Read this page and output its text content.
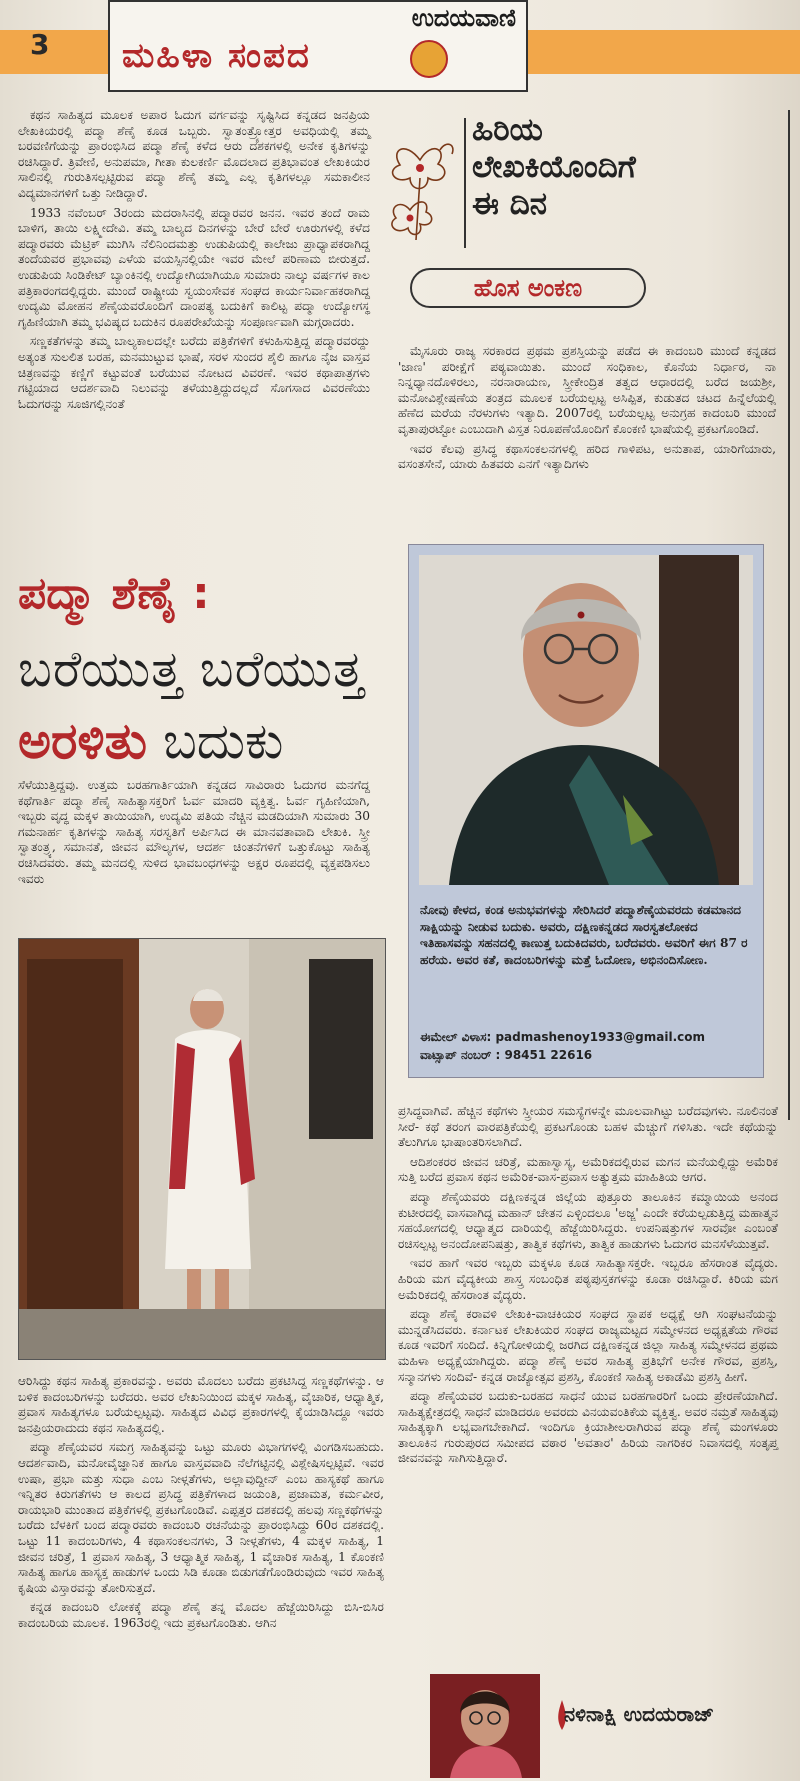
3
ಉದಯವಾಣಿ
ಮಹಿಳಾ ಸಂಪದ

ಕಥನ ಸಾಹಿತ್ಯದ ಮೂಲಕ ಅಪಾರ ಓದುಗ ವರ್ಗವನ್ನು ಸೃಷ್ಟಿಸಿದ ಕನ್ನಡದ ಜನಪ್ರಿಯ ಲೇಖಕಿಯರಲ್ಲಿ ಪದ್ಮಾ ಶೆಣೈ ಕೂಡ ಒಬ್ಬರು. ಸ್ವಾತಂತ್ರ್ಯೋತ್ತರ ಅವಧಿಯಲ್ಲಿ ತಮ್ಮ ಬರವಣಿಗೆಯನ್ನು ಪ್ರಾರಂಭಿಸಿದ ಪದ್ಮಾ ಶೆಣೈ ಕಳೆದ ಆರು ದಶಕಗಳಲ್ಲಿ ಅನೇಕ ಕೃತಿಗಳನ್ನು ರಚಿಸಿದ್ದಾರೆ. ತ್ರಿವೇಣಿ, ಅನುಪಮಾ, ಗೀತಾ ಕುಲಕರ್ಣಿ ಮೊದಲಾದ ಪ್ರತಿಭಾವಂತ ಲೇಖಕಿಯರ ಸಾಲಿನಲ್ಲಿ ಗುರುತಿಸಲ್ಪಟ್ಟಿರುವ ಪದ್ಮಾ ಶೆಣೈ ತಮ್ಮ ಎಲ್ಲ ಕೃತಿಗಳಲ್ಲೂ ಸಮಕಾಲೀನ ವಿದ್ಯಮಾನಗಳಿಗೆ ಒತ್ತು ನೀಡಿದ್ದಾರೆ.

1933 ನವೆಂಬರ್ 3ರಂದು ಮದರಾಸಿನಲ್ಲಿ ಪದ್ಮಾರವರ ಜನನ. ಇವರ ತಂದೆ ರಾಮ ಬಾಳಿಗ, ತಾಯಿ ಲಕ್ಷ್ಮೀದೇವಿ. ತಮ್ಮ ಬಾಲ್ಯದ ದಿನಗಳನ್ನು ಬೇರೆ ಬೇರೆ ಊರುಗಳಲ್ಲಿ ಕಳೆದ ಪದ್ಮಾರವರು ಮೆಟ್ರಿಕ್ ಮುಗಿಸಿ ನೆಲಿನಿಂದಮತ್ತು ಉಡುಪಿಯಲ್ಲಿ ಕಾಲೇಜು ಪ್ರಾಧ್ಯಾಪಕರಾಗಿದ್ದ ತಂದೆಯವರ ಪ್ರಭಾವವು ಎಳೆಯ ವಯಸ್ಸಿನಲ್ಲಿಯೇ ಇವರ ಮೇಲೆ ಪರಿಣಾಮ ಬೀರುತ್ತದೆ. ಉಡುಪಿಯ ಸಿಂಡಿಕೇಟ್ ಬ್ಯಾಂಕಿನಲ್ಲಿ ಉದ್ಯೋಗಿಯಾಗಿಯೂ ಸುಮಾರು ನಾಲ್ಕು ವರ್ಷಗಳ ಕಾಲ ಪತ್ರಿಕಾರಂಗದಲ್ಲಿದ್ದರು. ಮುಂದೆ ರಾಷ್ಟ್ರೀಯ ಸ್ವಯಂಸೇವಕ ಸಂಘದ ಕಾರ್ಯನಿರ್ವಾಹಕರಾಗಿದ್ದ ಉದ್ಯಮಿ ಮೋಹನ ಶೆಣೈಯವರೊಂದಿಗೆ ದಾಂಪತ್ಯ ಬದುಕಿಗೆ ಕಾಲಿಟ್ಟ ಪದ್ಮಾ ಉದ್ಯೋಗಸ್ಥ ಗೃಹಿಣಿಯಾಗಿ ತಮ್ಮ ಭವಿಷ್ಯದ ಬದುಕಿನ ರೂಪರೇಖೆಯನ್ನು ಸಂಪೂರ್ಣವಾಗಿ ಮಗ್ಗರಾದರು.

ಸಣ್ಣಕತೆಗಳನ್ನು ತಮ್ಮ ಬಾಲ್ಯಕಾಲದಲ್ಲೇ ಬರೆದು ಪತ್ರಿಕೆಗಳಿಗೆ ಕಳುಹಿಸುತ್ತಿದ್ದ ಪದ್ಮಾರವರದ್ದು ಅತ್ಯಂತ ಸುಲಲಿತ ಬರಹ, ಮನಮುಟ್ಟುವ ಭಾಷೆ, ಸರಳ ಸುಂದರ ಶೈಲಿ ಹಾಗೂ ನೈಜ ವಾಸ್ತವ ಚಿತ್ರಣವನ್ನು ಕಣ್ಣಿಗೆ ಕಟ್ಟುವಂತೆ ಬರೆಯುವ ನೋಟದ ವಿವರಣೆ. ಇವರ ಕಥಾಪಾತ್ರಗಳು ಗಟ್ಟಿಯಾದ ಆದರ್ಶವಾದಿ ನಿಲುವನ್ನು ತಳೆಯುತ್ತಿದ್ದುದಲ್ಲದೆ ಸೊಗಸಾದ ವಿವರಣೆಯು ಓದುಗರನ್ನು ಸೂಜಿಗಲ್ಲಿನಂತೆ

ಹಿರಿಯ
ಲೇಖಕಿಯೊಂದಿಗೆ
ಈ ದಿನ
ಹೊಸ ಅಂಕಣ

ಮೈಸೂರು ರಾಜ್ಯ ಸರಕಾರದ ಪ್ರಥಮ ಪ್ರಶಸ್ತಿಯನ್ನು ಪಡೆದ ಈ ಕಾದಂಬರಿ ಮುಂದೆ ಕನ್ನಡದ 'ಜಾಣ' ಪರೀಕ್ಷೆಗೆ ಪಠ್ಯವಾಯಿತು. ಮುಂದೆ ಸಂಧಿಕಾಲ, ಕೊನೆಯ ನಿರ್ಧಾರ, ನಾ ನಿನ್ನಧ್ಯಾನದೊಳಿರಲು, ನರನಾರಾಯಣ, ಸ್ತ್ರೀಕೇಂದ್ರಿತ ತತ್ವದ ಆಧಾರದಲ್ಲಿ ಬರೆದ ಜಯಶ್ರೀ, ಮನೋವಿಶ್ಲೇಷಣೆಯ ತಂತ್ರದ ಮೂಲಕ ಬರೆಯಲ್ಪಟ್ಟ ಅಸಿಪ್ಪಿತ, ಕುಡುತದ ಚಟದ ಹಿನ್ನೆಲೆಯಲ್ಲಿ ಹೆಣೆದ ಮರೆಯ ನೆರಳುಗಳು ಇತ್ಯಾದಿ. 2007ರಲ್ಲಿ ಬರೆಯಲ್ಪಟ್ಟ ಅನುಗ್ರಹ ಕಾದಂಬರಿ ಮುಂದೆ ವೃತಾಪುರಟ್ಟೋ ಎಂಬುದಾಗಿ ವಿಸ್ತತ ನಿರೂಪಣೆಯೊಂದಿಗೆ ಕೊಂಕಣಿ ಭಾಷೆಯಲ್ಲಿ ಪ್ರಕಟಗೊಂಡಿದೆ.

ಇವರ ಕೆಲವು ಪ್ರಸಿದ್ಧ ಕಥಾಸಂಕಲನಗಳಲ್ಲಿ ಹರಿದ ಗಾಳಿಪಟ, ಅನುತಾಪ, ಯಾರಿಗೆಯಾರು, ವಸಂತಸೇನೆ, ಯಾರು ಹಿತವರು ಎನಗೆ ಇತ್ಯಾದಿಗಳು

ಪದ್ಮಾ ಶೆಣೈ :
ಬರೆಯುತ್ತ ಬರೆಯುತ್ತ
ಅರಳಿತು ಬದುಕು

ಸೆಳೆಯುತ್ತಿದ್ದವು. ಉತ್ತಮ ಬರಹಗಾರ್ತಿಯಾಗಿ ಕನ್ನಡದ ಸಾವಿರಾರು ಓದುಗರ ಮನಗೆದ್ದ ಕಥೆಗಾರ್ತಿ ಪದ್ಮಾ ಶೆಣೈ ಸಾಹಿತ್ಯಾಸಕ್ತರಿಗೆ ಓರ್ವ ಮಾದರಿ ವ್ಯಕ್ತಿತ್ವ. ಓರ್ವ ಗೃಹಿಣಿಯಾಗಿ, ಇಬ್ಬರು ವೃದ್ಧ ಮಕ್ಕಳ ತಾಯಿಯಾಗಿ, ಉದ್ಯಮಿ ಪತಿಯ ನೆಚ್ಚಿನ ಮಡದಿಯಾಗಿ ಸುಮಾರು 30 ಗಮನಾರ್ಹ ಕೃತಿಗಳನ್ನು ಸಾಹಿತ್ಯ ಸರಸ್ವತಿಗೆ ಅರ್ಪಿಸಿದ ಈ ಮಾನವತಾವಾದಿ ಲೇಖಕಿ. ಸ್ತ್ರೀ ಸ್ವಾತಂತ್ರ್ಯ, ಸಮಾನತೆ, ಜೀವನ ಮೌಲ್ಯಗಳ, ಆದರ್ಶ ಚಿಂತನೆಗಳಿಗೆ ಒತ್ತುಕೊಟ್ಟು ಸಾಹಿತ್ಯ ರಚಿಸಿದವರು. ತಮ್ಮ ಮನದಲ್ಲಿ ಸುಳಿದ ಭಾವಬಂಧಗಳನ್ನು ಅಕ್ಷರ ರೂಪದಲ್ಲಿ ವ್ಯಕ್ತಪಡಿಸಲು ಇವರು

ಆರಿಸಿದ್ದು ಕಥನ ಸಾಹಿತ್ಯ ಪ್ರಕಾರವನ್ನು. ಅವರು ಮೊದಲು ಬರೆದು ಪ್ರಕಟಿಸಿದ್ದ ಸಣ್ಣಕಥೆಗಳನ್ನು. ಆ ಬಳಿಕ ಕಾದಂಬರಿಗಳನ್ನು ಬರೆದರು. ಅವರ ಲೇಖನಿಯಿಂದ ಮಕ್ಕಳ ಸಾಹಿತ್ಯ, ವೈಚಾರಿಕ, ಆಧ್ಯಾತ್ಮಿಕ, ಪ್ರವಾಸ ಸಾಹಿತ್ಯಗಳೂ ಬರೆಯಲ್ಪಟ್ಟವು. ಸಾಹಿತ್ಯದ ವಿವಿಧ ಪ್ರಕಾರಗಳಲ್ಲಿ ಕೈಯಾಡಿಸಿದ್ದೂ ಇವರು ಜನಪ್ರಿಯರಾದುದು ಕಥನ ಸಾಹಿತ್ಯದಲ್ಲಿ.

ಪದ್ಮಾ ಶೆಣೈಯವರ ಸಮಗ್ರ ಸಾಹಿತ್ಯವನ್ನು ಒಟ್ಟು ಮೂರು ವಿಭಾಗಗಳಲ್ಲಿ ವಿಂಗಡಿಸಬಹುದು. ಆದರ್ಶವಾದಿ, ಮನೋವೈಜ್ಞಾನಿಕ ಹಾಗೂ ವಾಸ್ತವವಾದಿ ನೆಲೆಗಟ್ಟಿನಲ್ಲಿ ವಿಶ್ಲೇಷಿಸಲ್ಪಟ್ಟಿವೆ. ಇವರ ಉಷಾ, ಪ್ರಭಾ ಮತ್ತು ಸುಧಾ ಎಂಬ ನೀಳ್ಗತೆಗಳು, ಅಲ್ಲಾವುದ್ದೀನ್ ಎಂಬ ಹಾಸ್ಯಕಥೆ ಹಾಗೂ ಇನ್ನಿತರ ಕಿರುಗತೆಗಳು ಆ ಕಾಲದ ಪ್ರಸಿದ್ಧ ಪತ್ರಿಕೆಗಳಾದ ಜಯಂತಿ, ಪ್ರಜಾಮತ, ಕರ್ಮವೀರ, ರಾಯಭಾರಿ ಮುಂತಾದ ಪತ್ರಿಕೆಗಳಲ್ಲಿ ಪ್ರಕಟಗೊಂಡಿವೆ. ಎಪ್ಪತ್ತರ ದಶಕದಲ್ಲಿ ಹಲವು ಸಣ್ಣಕಥೆಗಳನ್ನು ಬರೆದು ಬೆಳಕಿಗೆ ಬಂದ ಪದ್ಮಾರವರು ಕಾದಂಬರಿ ರಚನೆಯನ್ನು ಪ್ರಾರಂಭಿಸಿದ್ದು 60ರ ದಶಕದಲ್ಲಿ. ಒಟ್ಟು 11 ಕಾದಂಬರಿಗಳು, 4 ಕಥಾಸಂಕಲನಗಳು, 3 ನೀಳ್ಗತೆಗಳು, 4 ಮಕ್ಕಳ ಸಾಹಿತ್ಯ, 1 ಜೀವನ ಚರಿತ್ರೆ, 1 ಪ್ರವಾಸ ಸಾಹಿತ್ಯ, 3 ಆಧ್ಯಾತ್ಮಿಕ ಸಾಹಿತ್ಯ, 1 ವೈಚಾರಿಕ ಸಾಹಿತ್ಯ, 1 ಕೊಂಕಣಿ ಸಾಹಿತ್ಯ ಹಾಗೂ ಹಾಸ್ಯಕ್ತ ಹಾಡುಗಳ ಒಂದು ಸಿಡಿ ಕೂಡಾ ಬಿಡುಗಡೆಗೊಂಡಿರುವುದು ಇವರ ಸಾಹಿತ್ಯ ಕೃಷಿಯ ವಿಸ್ತಾರವನ್ನು ತೋರಿಸುತ್ತದೆ.

ಕನ್ನಡ ಕಾದಂಬರಿ ಲೋಕಕ್ಕೆ ಪದ್ಮಾ ಶೆಣೈ ತನ್ನ ಮೊದಲ ಹೆಜ್ಜೆಯಿರಿಸಿದ್ದು ಬಿಸಿ-ಬಿಸಿರ ಕಾದಂಬರಿಯ ಮೂಲಕ. 1963ರಲ್ಲಿ ಇದು ಪ್ರಕಟಗೊಂಡಿತು. ಆಗಿನ

ನೋವು ಕೇಳದ, ಕಂಡ ಅನುಭವಗಳನ್ನು ಸೇರಿಸಿದರೆ ಪದ್ಮಾಶೆಣೈಯವರದು ಕಡಮಾನದ ಸಾಕ್ಷಿಯನ್ನು ನೀಡುವ ಬದುಕು. ಅವರು, ದಕ್ಷಿಣಕನ್ನಡದ ಸಾರಸ್ವತಲೋಕದ ಇತಿಹಾಸವನ್ನು ಸಹನದಲ್ಲಿ ಕಾಣುತ್ತ ಬದುಕಿದವರು, ಬರೆದವರು. ಅವರಿಗೆ ಈಗ 87 ರ ಹರೆಯ. ಅವರ ಕತೆ, ಕಾದಂಬರಿಗಳನ್ನು ಮತ್ತೆ ಓದೋಣ, ಅಭಿನಂದಿಸೋಣ.
ಈಮೇಲ್ ವಿಳಾಸ: padmashenoy1933@gmail.com
ವಾಟ್ಸಾಪ್ ನಂಬರ್ : 98451 22616

ಪ್ರಸಿದ್ಧವಾಗಿವೆ. ಹೆಚ್ಚಿನ ಕಥೆಗಳು ಸ್ತ್ರೀಯರ ಸಮಸ್ಯೆಗಳನ್ನೇ ಮೂಲವಾಗಿಟ್ಟು ಬರೆದವುಗಳು. ನೂಲಿನಂತೆ ಸೀರೆ- ಕಥೆ ತರಂಗ ವಾರಪತ್ರಿಕೆಯಲ್ಲಿ ಪ್ರಕಟಗೊಂಡು ಬಹಳ ಮೆಚ್ಚುಗೆ ಗಳಿಸಿತು. ಇದೇ ಕಥೆಯನ್ನು ತೆಲುಗಿಗೂ ಭಾಷಾಂತರಿಸಲಾಗಿದೆ.

ಆದಿಶಂಕರರ ಜೀವನ ಚರಿತ್ರೆ, ಮಹಾಸ್ವಾಸ್ಯ, ಅಮೆರಿಕದಲ್ಲಿರುವ ಮಗನ ಮನೆಯಲ್ಲಿದ್ದು ಅಮೆರಿಕ ಸುತ್ತಿ ಬರೆದ ಪ್ರವಾಸ ಕಥನ ಅಮೆರಿಕ-ವಾಸ-ಪ್ರವಾಸ ಅತ್ಯುತ್ತಮ ಮಾಹಿತಿಯ ಆಗರ.

ಪದ್ಮಾ ಶೆಣೈಯವರು ದಕ್ಷಿಣಕನ್ನಡ ಜಿಲ್ಲೆಯ ಪುತ್ತೂರು ತಾಲೂಕಿನ ಕಮ್ಮಾಯಿಯ ಅನಂದ ಕುಟೀರದಲ್ಲಿ ವಾಸವಾಗಿದ್ದ ಮಹಾನ್ ಚೇತನ ಎಳ್ಳಿಂದಲೂ 'ಅಜ್ಜ' ಎಂದೇ ಕರೆಯಲ್ಪಡುತ್ತಿದ್ದ ಮಹಾತ್ಮನ ಸಹಯೋಗದಲ್ಲಿ ಆಧ್ಯಾತ್ಮದ ದಾರಿಯಲ್ಲಿ ಹೆಜ್ಜೆಯಿರಿಸಿದ್ದರು. ಉಪನಿಷತ್ತುಗಳ ಸಾರವೋ ಎಂಬಂತೆ ರಚಿಸಲ್ಪಟ್ಟ ಅನಂದೋಪನಿಷತ್ತು, ತಾತ್ವಿಕ ಕಥೆಗಳು, ತಾತ್ವಿಕ ಹಾಡುಗಳು ಓದುಗರ ಮನಸೆಳೆಯುತ್ತವೆ.

ಇವರ ಹಾಗೆ ಇವರ ಇಬ್ಬರು ಮಕ್ಕಳೂ ಕೂಡ ಸಾಹಿತ್ಯಾಸಕ್ತರೇ. ಇಬ್ಬರೂ ಹೆಸರಾಂತ ವೈದ್ಯರು. ಹಿರಿಯ ಮಗ ವೈದ್ಯಕೀಯ ಶಾಸ್ತ್ರ ಸಂಬಂಧಿತ ಪಠ್ಯಪುಸ್ತಕಗಳನ್ನು ಕೂಡಾ ರಚಿಸಿದ್ದಾರೆ. ಕಿರಿಯ ಮಗ ಅಮೆರಿಕದಲ್ಲಿ ಹೆಸರಾಂತ ವೈದ್ಯರು.

ಪದ್ಮಾ ಶೆಣೈ ಕರಾವಳಿ ಲೇಖಕಿ-ವಾಚಕಿಯರ ಸಂಘದ ಸ್ಥಾಪಕ ಅಧ್ಯಕ್ಷೆ ಆಗಿ ಸಂಘಟನೆಯನ್ನು ಮುನ್ನಡೆಸಿದವರು. ಕರ್ನಾಟಕ ಲೇಖಕಿಯರ ಸಂಘದ ರಾಜ್ಯಮಟ್ಟದ ಸಮ್ಮೇಳನದ ಅಧ್ಯಕ್ಷತೆಯ ಗೌರವ ಕೂಡ ಇವರಿಗೆ ಸಂದಿದೆ. ಕಿನ್ನಿಗೋಳಿಯಲ್ಲಿ ಜರಗಿದ ದಕ್ಷಿಣಕನ್ನಡ ಜಿಲ್ಲಾ ಸಾಹಿತ್ಯ ಸಮ್ಮೇಳನದ ಪ್ರಥಮ ಮಹಿಳಾ ಅಧ್ಯಕ್ಷೆಯಾಗಿದ್ದರು. ಪದ್ಮಾ ಶೆಣೈ ಅವರ ಸಾಹಿತ್ಯ ಪ್ರತಿಭೆಗೆ ಅನೇಕ ಗೌರವ, ಪ್ರಶಸ್ತಿ, ಸನ್ಮಾನಗಳು ಸಂದಿವೆ- ಕನ್ನಡ ರಾಜ್ಯೋತ್ಸವ ಪ್ರಶಸ್ತಿ, ಕೊಂಕಣಿ ಸಾಹಿತ್ಯ ಅಕಾಡೆಮಿ ಪ್ರಶಸ್ತಿ ಹೀಗೆ.

ಪದ್ಮಾ ಶೆಣೈಯವರ ಬದುಕು-ಬರಹದ ಸಾಧನೆ ಯುವ ಬರಹಗಾರರಿಗೆ ಒಂದು ಪ್ರೇರಣೆಯಾಗಿದೆ. ಸಾಹಿತ್ಯಕ್ಷೇತ್ರದಲ್ಲಿ ಸಾಧನೆ ಮಾಡಿದರೂ ಅವರದು ವಿನಯವಂತಿಕೆಯ ವ್ಯಕ್ತಿತ್ವ. ಅವರ ನಮ್ರತೆ ಸಾಹಿತ್ಯವು ಸಾಹಿತ್ಯಕ್ಕಾಗಿ ಲಭ್ಯವಾಗಬೇಕಾಗಿದೆ. ಇಂದಿಗೂ ಕ್ರಿಯಾಶೀಲರಾಗಿರುವ ಪದ್ಮಾ ಶೆಣೈ ಮಂಗಳೂರು ತಾಲೂಕಿನ ಗುರುಪುರದ ಸಮೀಪದ ವಠಾರ 'ಅವತಾರ' ಹಿರಿಯ ನಾಗರಿಕರ ನಿವಾಸದಲ್ಲಿ ಸಂತೃಪ್ತ ಜೀವನವನ್ನು ಸಾಗಿಸುತ್ತಿದ್ದಾರೆ.

ನಳಿನಾಕ್ಷಿ ಉದಯರಾಜ್
